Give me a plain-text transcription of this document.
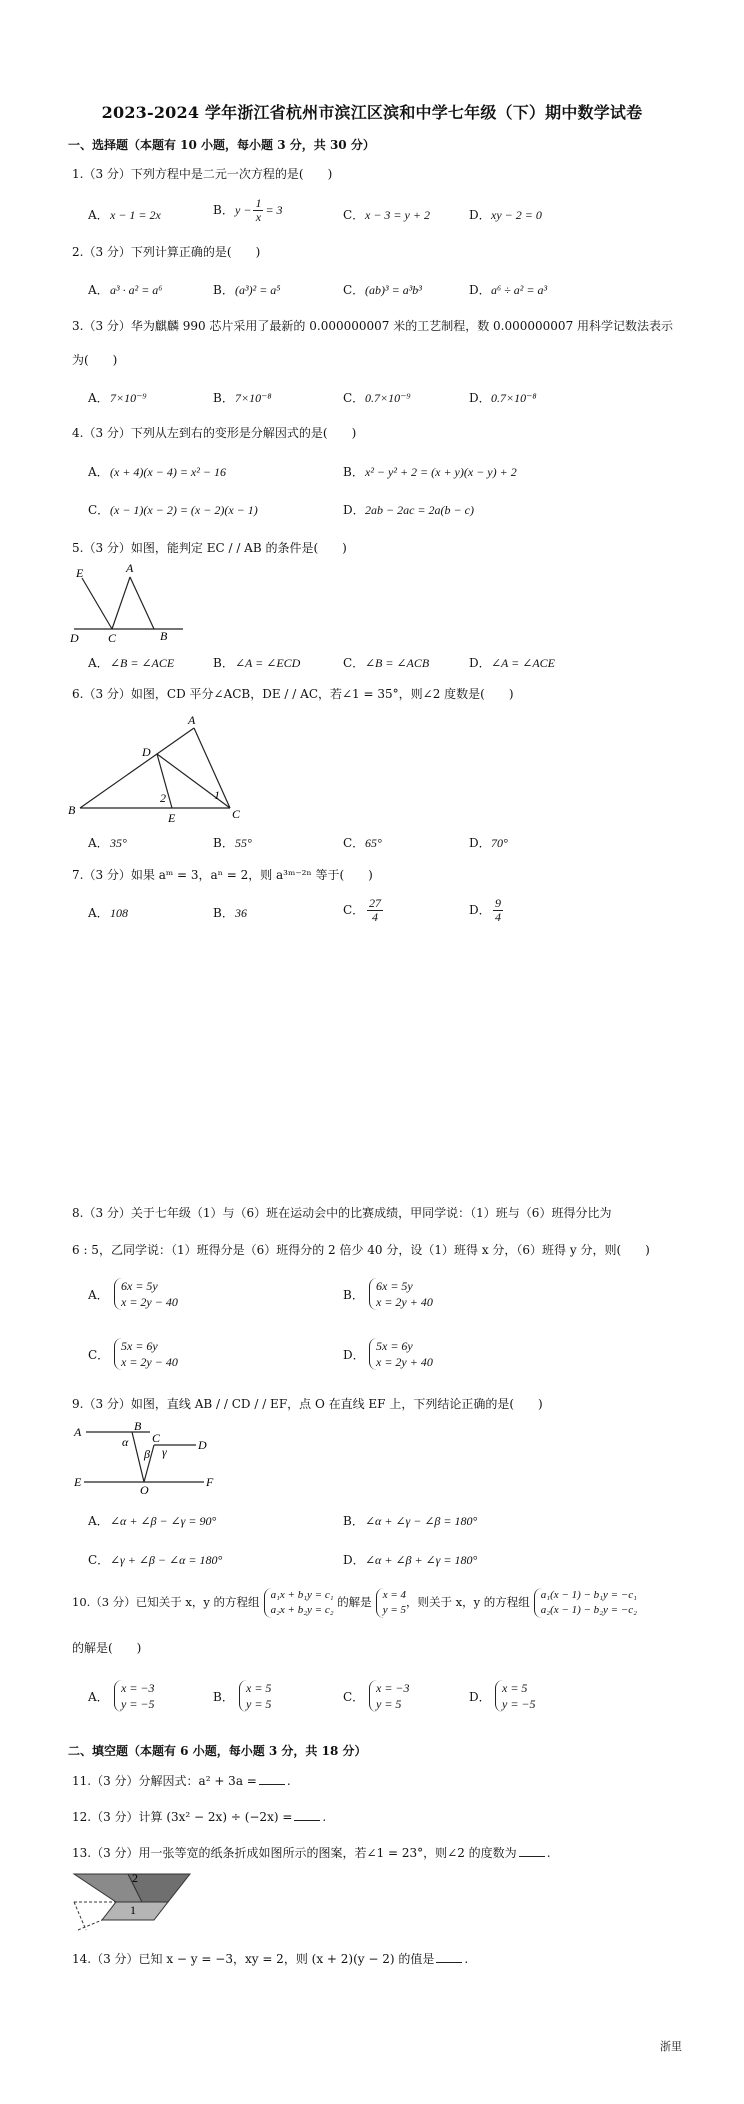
2023-2024 学年浙江省杭州市滨江区滨和中学七年级（下）期中数学试卷
一、选择题（本题有 10 小题，每小题 3 分，共 30 分）
1.（3 分）下列方程中是二元一次方程的是(　　)
A．x − 1 = 2x	B．$y - \frac{1}{x} = 3$	C．x − 3 = y + 2	D．xy − 2 = 0
2.（3 分）下列计算正确的是(　　)
A．a³ · a² = a⁶	B．(a³)² = a⁵	C．(ab)³ = a³b³	D．a⁶ ÷ a² = a³
3.（3 分）华为麒麟 990 芯片采用了最新的 0.000000007 米的工艺制程，数 0.000000007 用科学记数法表示
为(　　)
A．7×10⁻⁹	B．7×10⁻⁸	C．0.7×10⁻⁹	D．0.7×10⁻⁸
4.（3 分）下列从左到右的变形是分解因式的是(　　)
A．(x + 4)(x − 4) = x² − 16	B．x² − y² + 2 = (x + y)(x − y) + 2
C．(x − 1)(x − 2) = (x − 2)(x − 1)	D．2ab − 2ac = 2a(b − c)
5.（3 分）如图，能判定 EC / / AB 的条件是(　　)
E	A
D C	B
A．∠B = ∠ACE	B．∠A = ∠ECD	C．∠B = ∠ACB	D．∠A = ∠ACE
6.（3 分）如图，CD 平分∠ACB，DE / / AC，若∠1 = 35°，则∠2 度数是(　　)
A
D
B
E	C
1
2
A．35°	B．55°	C．65°	D．70°
7.（3 分）如果 aᵐ = 3，aⁿ = 2，则 a³ᵐ⁻²ⁿ 等于(　　)
A．108	B．36	C． $\frac{27}{4}$	D． $\frac{9}{4}$
8.（3 分）关于七年级（1）与（6）班在运动会中的比赛成绩，甲同学说：（1）班与（6）班得分比为
6 : 5，乙同学说：（1）班得分是（6）班得分的 2 倍少 40 分，设（1）班得 x 分，（6）班得 y 分，则(　　)
A．6x = 5y
x = 2y − 40
B．6x = 5y
x = 2y + 40
C．5x = 6y
x = 2y − 40
D．5x = 6y
x = 2y + 40
9.（3 分）如图，直线 AB / / CD / / EF，点 O 在直线 EF 上，下列结论正确的是(　　)
A	B
C	D
E	F
O
α
β γ
A．∠α + ∠β − ∠γ = 90°	B．∠α + ∠γ − ∠β = 180°
C．∠γ + ∠β − ∠α = 180°	D．∠α + ∠β + ∠γ = 180°
10.（3 分）已知关于 x，y 的方程组 a₁x + b₁y = c₁
a₂x + b₂y = c₂ 的解是 x = 4
y = 5，则关于 x，y 的方程组 a₁(x − 1) − b₁y = −c₁
a₂(x − 1) − b₂y = −c₂
的解是(　　)
A．x = −3
y = −5
B．x = 5
y = 5
C．x = −3
y = 5
D．x = 5
y = −5
二、填空题（本题有 6 小题，每小题 3 分，共 18 分）
11.（3 分）分解因式：a² + 3a =	.
12.（3 分）计算 (3x² − 2x) ÷ (−2x) =	.
13.（3 分）用一张等宽的纸条折成如图所示的图案，若∠1 = 23°，则∠2 的度数为	.
2
1
14.（3 分）已知 x − y = −3，xy = 2，则 (x + 2)(y − 2) 的值是	.
浙里
